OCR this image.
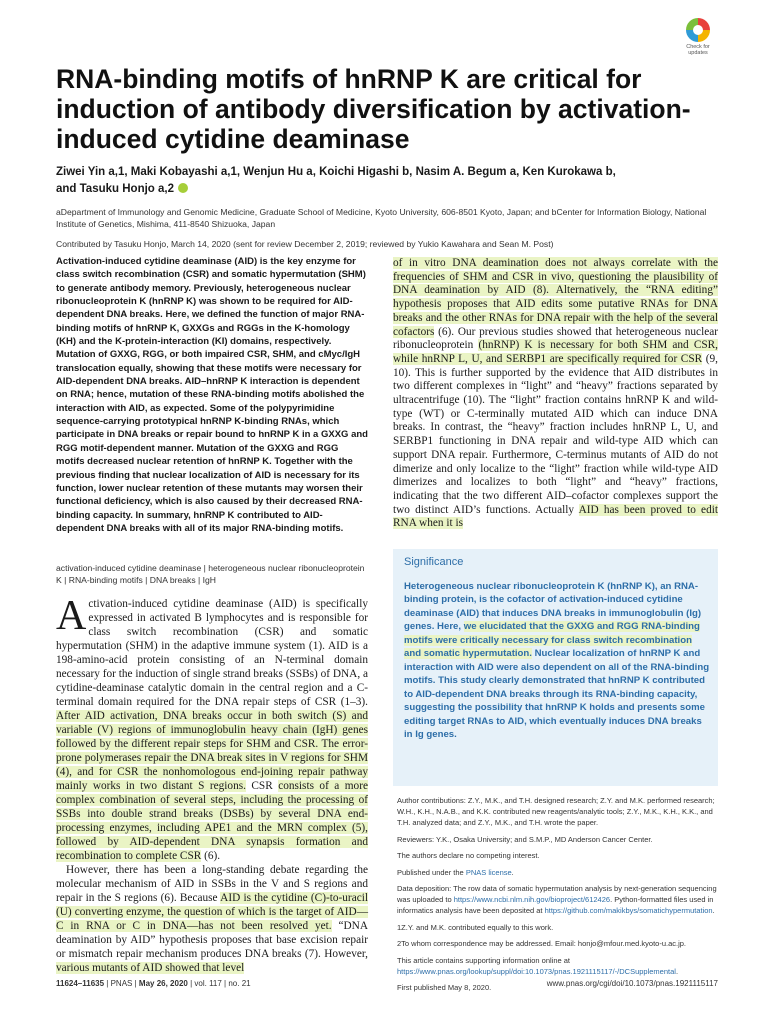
Check for updates
RNA-binding motifs of hnRNP K are critical for induction of antibody diversification by activation-induced cytidine deaminase
Ziwei Yin a,1, Maki Kobayashi a,1, Wenjun Hu a, Koichi Higashi b, Nasim A. Begum a, Ken Kurokawa b,
and Tasuku Honjo a,2

aDepartment of Immunology and Genomic Medicine, Graduate School of Medicine, Kyoto University, 606-8501 Kyoto, Japan; and bCenter for Information Biology, National Institute of Genetics, Mishima, 411-8540 Shizuoka, Japan

Contributed by Tasuku Honjo, March 14, 2020 (sent for review December 2, 2019; reviewed by Yukio Kawahara and Sean M. Post)

Activation-induced cytidine deaminase (AID) is the key enzyme for class switch recombination (CSR) and somatic hypermutation (SHM) to generate antibody memory. Previously, heterogeneous nuclear ribonucleoprotein K (hnRNP K) was shown to be required for AID-dependent DNA breaks. Here, we defined the function of major RNA-binding motifs of hnRNP K, GXXGs and RGGs in the K-homology (KH) and the K-protein-interaction (KI) domains, respectively. Mutation of GXXG, RGG, or both impaired CSR, SHM, and cMyc/IgH translocation equally, showing that these motifs were necessary for AID-dependent DNA breaks. AID–hnRNP K interaction is dependent on RNA; hence, mutation of these RNA-binding motifs abolished the interaction with AID, as expected. Some of the polypyrimidine sequence-carrying prototypical hnRNP K-binding RNAs, which participate in DNA breaks or repair bound to hnRNP K in a GXXG and RGG motif-dependent manner. Mutation of the GXXG and RGG motifs decreased nuclear retention of hnRNP K. Together with the previous finding that nuclear localization of AID is necessary for its function, lower nuclear retention of these mutants may worsen their functional deficiency, which is also caused by their decreased RNA-binding capacity. In summary, hnRNP K contributed to AID-dependent DNA breaks with all of its major RNA-binding motifs.

activation-induced cytidine deaminase | heterogeneous nuclear ribonucleoprotein K | RNA-binding motifs | DNA breaks | IgH

Activation-induced cytidine deaminase (AID) is specifically expressed in activated B lymphocytes and is responsible for class switch recombination (CSR) and somatic hypermutation (SHM) in the adaptive immune system (1). AID is a 198-amino-acid protein consisting of an N-terminal domain necessary for the induction of single strand breaks (SSBs) of DNA, a cytidine-deaminase catalytic domain in the central region and a C-terminal domain required for the DNA repair steps of CSR (1–3). After AID activation, DNA breaks occur in both switch (S) and variable (V) regions of immunoglobulin heavy chain (IgH) genes followed by the different repair steps for SHM and CSR. The error-prone polymerases repair the DNA break sites in V regions for SHM (4), and for CSR the nonhomologous end-joining repair pathway mainly works in two distant S regions. CSR consists of a more complex combination of several steps, including the processing of SSBs into double strand breaks (DSBs) by several DNA end-processing enzymes, including APE1 and the MRN complex (5), followed by AID-dependent DNA synapsis formation and recombination to complete CSR (6).

However, there has been a long-standing debate regarding the molecular mechanism of AID in SSBs in the V and S regions and repair in the S regions (6). Because AID is the cytidine (C)-to-uracil (U) converting enzyme, the question of which is the target of AID—C in RNA or C in DNA—has not been resolved yet. “DNA deamination by AID” hypothesis proposes that base excision repair or mismatch repair mechanism produces DNA breaks (7). However, various mutants of AID showed that level

of in vitro DNA deamination does not always correlate with the frequencies of SHM and CSR in vivo, questioning the plausibility of DNA deamination by AID (8). Alternatively, the “RNA editing” hypothesis proposes that AID edits some putative RNAs for DNA breaks and the other RNAs for DNA repair with the help of the several cofactors (6). Our previous studies showed that heterogeneous nuclear ribonucleoprotein (hnRNP) K is necessary for both SHM and CSR, while hnRNP L, U, and SERBP1 are specifically required for CSR (9, 10). This is further supported by the evidence that AID distributes in two different complexes in “light” and “heavy” fractions separated by ultracentrifuge (10). The “light” fraction contains hnRNP K and wild-type (WT) or C-terminally mutated AID which can induce DNA breaks. In contrast, the “heavy” fraction includes hnRNP L, U, and SERBP1 functioning in DNA repair and wild-type AID which can support DNA repair. Furthermore, C-terminus mutants of AID do not dimerize and only localize to the “light” fraction while wild-type AID dimerizes and localizes to both “light” and “heavy” fractions, indicating that the two different AID–cofactor complexes support the two distinct AID’s functions. Actually AID has been proved to edit RNA when it is

Significance

Heterogeneous nuclear ribonucleoprotein K (hnRNP K), an RNA-binding protein, is the cofactor of activation-induced cytidine deaminase (AID) that induces DNA breaks in immunoglobulin (Ig) genes. Here, we elucidated that the GXXG and RGG RNA-binding motifs were critically necessary for class switch recombination and somatic hypermutation. Nuclear localization of hnRNP K and interaction with AID were also dependent on all of the RNA-binding motifs. This study clearly demonstrated that hnRNP K contributed to AID-dependent DNA breaks through its RNA-binding capacity, suggesting the possibility that hnRNP K holds and presents some editing target RNAs to AID, which eventually induces DNA breaks in Ig genes.

Author contributions: Z.Y., M.K., and T.H. designed research; Z.Y. and M.K. performed research; W.H., K.H., N.A.B., and K.K. contributed new reagents/analytic tools; Z.Y., M.K., K.H., K.K., and T.H. analyzed data; and Z.Y., M.K., and T.H. wrote the paper.

Reviewers: Y.K., Osaka University; and S.M.P., MD Anderson Cancer Center.

The authors declare no competing interest.

Published under the PNAS license.

Data deposition: The row data of somatic hypermutation analysis by next-generation sequencing was uploaded to https://www.ncbi.nlm.nih.gov/bioproject/612426. Python-formatted files used in informatics analysis have been deposited at https://github.com/makikbys/somatichypermutation.

1Z.Y. and M.K. contributed equally to this work.

2To whom correspondence may be addressed. Email: honjo@mfour.med.kyoto-u.ac.jp.

This article contains supporting information online at https://www.pnas.org/lookup/suppl/doi:10.1073/pnas.1921115117/-/DCSupplemental.

First published May 8, 2020.

11624–11635 | PNAS | May 26, 2020 | vol. 117 | no. 21	www.pnas.org/cgi/doi/10.1073/pnas.1921115117
